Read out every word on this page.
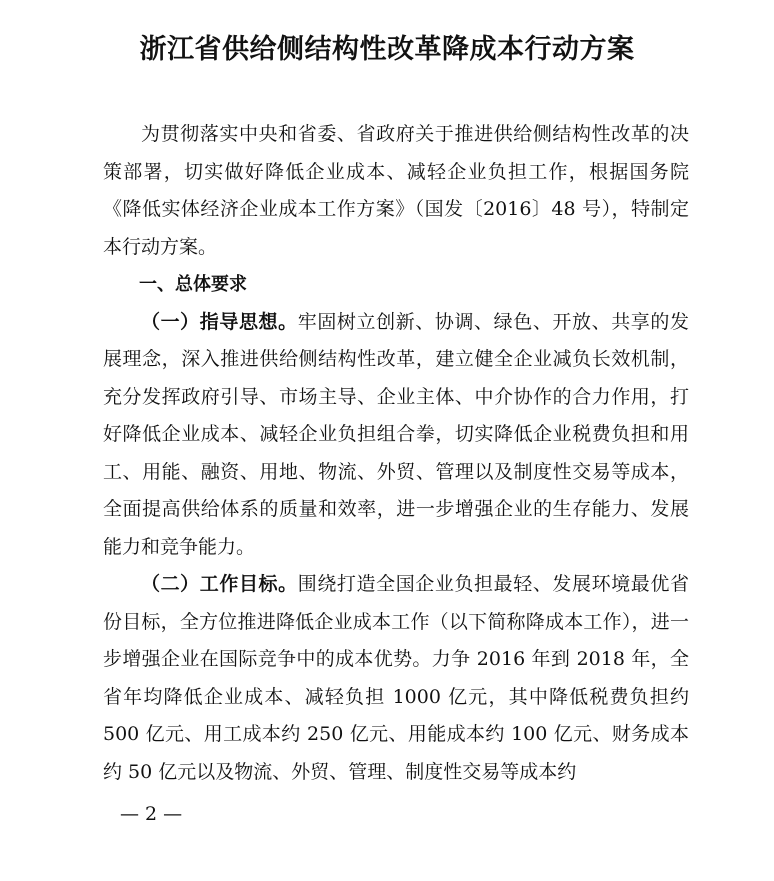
浙江省供给侧结构性改革降成本行动方案

为贯彻落实中央和省委、省政府关于推进供给侧结构性改革的决策部署，切实做好降低企业成本、减轻企业负担工作，根据国务院《降低实体经济企业成本工作方案》（国发〔2016〕48 号），特制定本行动方案。

一、总体要求

（一）指导思想。牢固树立创新、协调、绿色、开放、共享的发展理念，深入推进供给侧结构性改革，建立健全企业减负长效机制，充分发挥政府引导、市场主导、企业主体、中介协作的合力作用，打好降低企业成本、减轻企业负担组合拳，切实降低企业税费负担和用工、用能、融资、用地、物流、外贸、管理以及制度性交易等成本，全面提高供给体系的质量和效率，进一步增强企业的生存能力、发展能力和竞争能力。

（二）工作目标。围绕打造全国企业负担最轻、发展环境最优省份目标，全方位推进降低企业成本工作（以下简称降成本工作），进一步增强企业在国际竞争中的成本优势。力争 2016 年到 2018 年，全省年均降低企业成本、减轻负担 1000 亿元，其中降低税费负担约 500 亿元、用工成本约 250 亿元、用能成本约 100 亿元、财务成本约 50 亿元以及物流、外贸、管理、制度性交易等成本约

— 2 —
